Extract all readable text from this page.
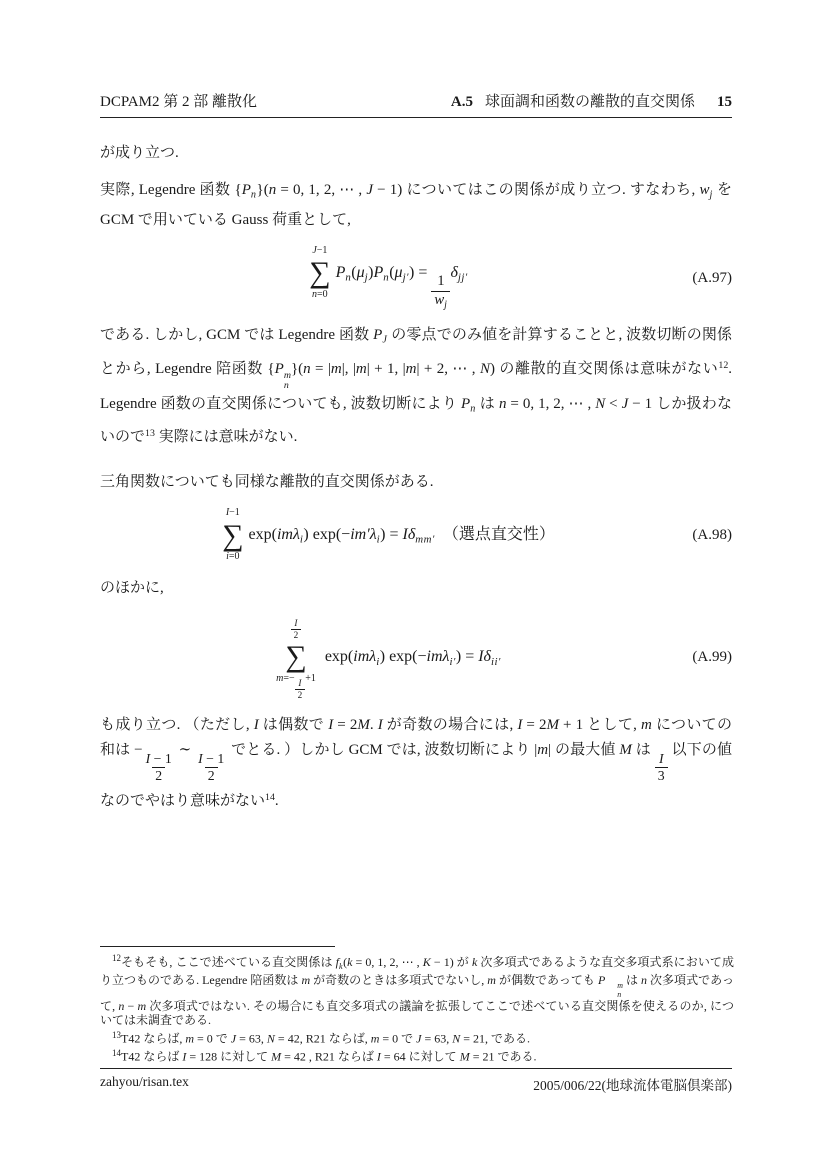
DCPAM2 第 2 部 離散化	A.5 球面調和函数の離散的直交関係 15

が成り立つ.

実際, Legendre 函数 $\{P_n\}(n = 0$, 1, 2, ⋯ , J − 1) についてはこの関係が成り立つ. すなわち, $w_j$ を GCM で用いている Gauss 荷重として,

J−1
∑
n=0
$P_n(\mu_j)P_n(\mu_{j'})$ =
$\frac{1}{w_j}$
$\delta_{jj'}$	(A.97)

である. しかし, GCM では Legendre 函数 $P_J$ の零点でのみ値を計算することと, 波数切断の関係とから, Legendre 陪函数 {P m
n
}(n = |m|, |m| + 1, |m| + 2, ⋯ , N) の離散的直交関係は意味がない$^{12}$.　Legendre 函数の直交関係についても, 波数切断により $P_n$ は n = 0, 1, 2, ⋯ , N < J − 1 しか扱わないので$^{13}$ 実際には意味がない.

三角関数についても同様な離散的直交関係がある.

I−1
∑
i=0
exp(imλ$_i$) $\exp(-im'\lambda_i) = I\delta_{mm'}$　（選点直交性）	(A.98)

のほかに,

$\frac{I}{2}$
∑
m=−
$\frac{I}{2}$
+1
exp(imλ$_i$) $\exp(-im\lambda_{i'}) = I\delta_{ii'}$	(A.99)

も成り立つ. （ただし, I は偶数で I = 2M. I が奇数の場合には, I = 2M + 1 として, m についての和は −
$\frac{I - 1}{2}$
∼
$\frac{I - 1}{2}$
でとる. ）しかし GCM では, 波数切断により |m| の最大値 M は
$\frac{I}{3}$
以下の値なのでやはり意味がない$^{14}$.

$^{12}$そもそも, ここで述べている直交関係は $f_k(k = 0$, 1, 2, ⋯ , K − 1) が k 次多項式であるような直交多項式系において成り立つものである. Legendre 陪函数は m が奇数のときは多項式でないし, m が偶数であっても P	m
n
は n 次多項式であって, n − m 次多項式ではない. その場合にも直交多項式の議論を拡張してここで述べている直交関係を使えるのか, については未調査である.

$^{13}$T42 ならば, m = 0 で J = 63, N = 42, R21 ならば, m = 0 で J = 63, N = 21, である.

$^{14}$T42 ならば I = 128 に対して M = 42 , R21 ならば I = 64 に対して M = 21 である.

zahyou/risan.tex	2005/006/22(地球流体電脳倶楽部)
